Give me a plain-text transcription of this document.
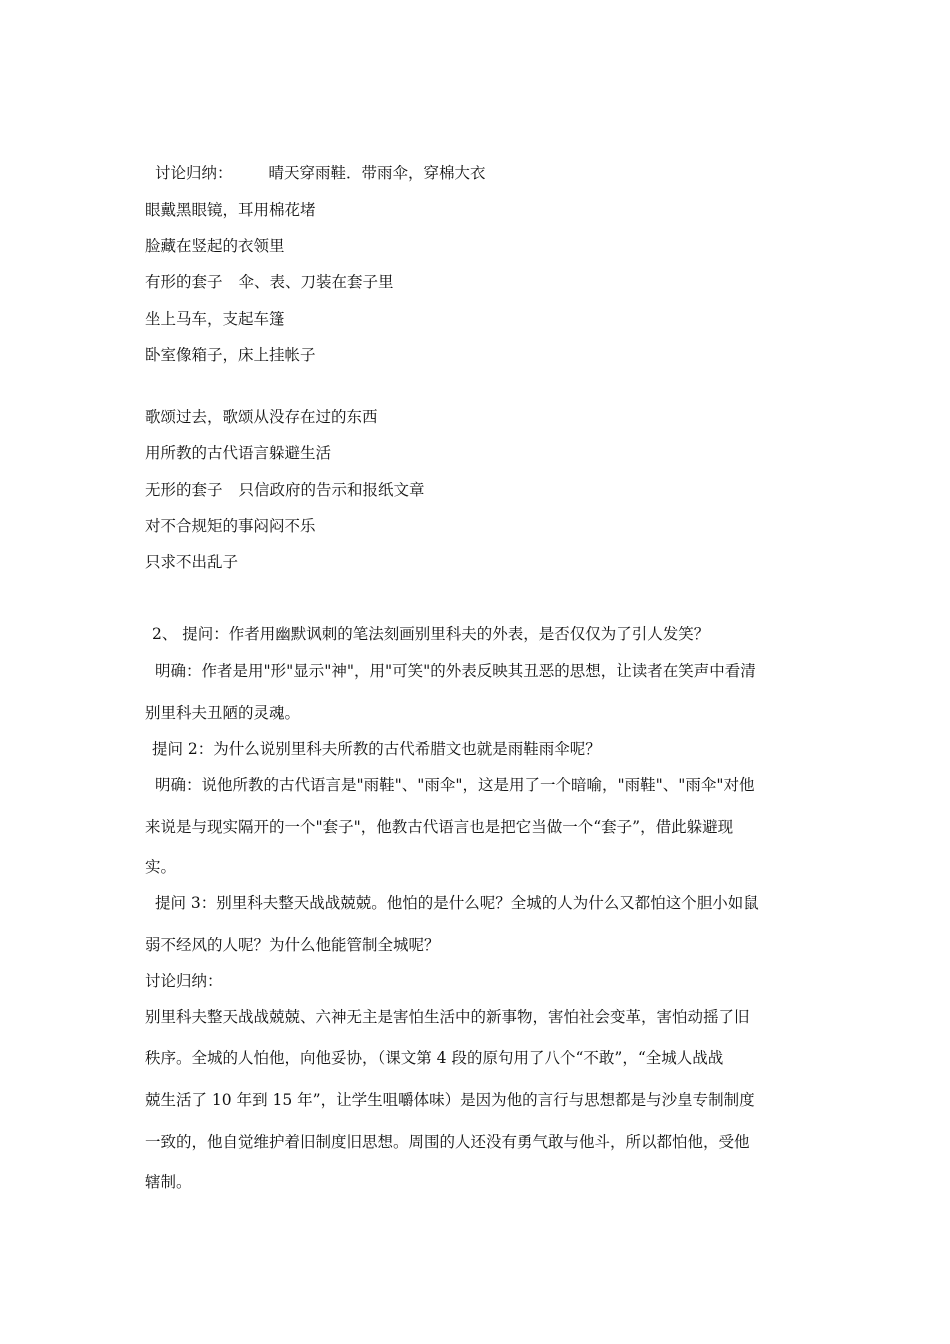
讨论归纳： 晴天穿雨鞋．带雨伞，穿棉大衣
眼戴黑眼镜，耳用棉花堵
脸藏在竖起的衣领里
有形的套子 伞、表、刀装在套子里
坐上马车，支起车篷
卧室像箱子，床上挂帐子
歌颂过去，歌颂从没存在过的东西
用所教的古代语言躲避生活
无形的套子 只信政府的告示和报纸文章
对不合规矩的事闷闷不乐
只求不出乱子
2、 提问：作者用幽默讽刺的笔法刻画别里科夫的外表，是否仅仅为了引人发笑？
明确：作者是用"形"显示"神"，用"可笑"的外表反映其丑恶的思想，让读者在笑声中看清
别里科夫丑陋的灵魂。
提问 2：为什么说别里科夫所教的古代希腊文也就是雨鞋雨伞呢？
明确：说他所教的古代语言是"雨鞋"、"雨伞"，这是用了一个暗喻，"雨鞋"、"雨伞"对他
来说是与现实隔开的一个"套子"，他教古代语言也是把它当做一个“套子”，借此躲避现
实。
提问 3：别里科夫整天战战兢兢。他怕的是什么呢？全城的人为什么又都怕这个胆小如鼠
弱不经风的人呢？为什么他能管制全城呢？
讨论归纳：
别里科夫整天战战兢兢、六神无主是害怕生活中的新事物，害怕社会变革，害怕动摇了旧
秩序。全城的人怕他，向他妥协，（课文第 4 段的原句用了八个“不敢”，“全城人战战
兢生活了 10 年到 15 年”，让学生咀嚼体味）是因为他的言行与思想都是与沙皇专制制度
一致的，他自觉维护着旧制度旧思想。周围的人还没有勇气敢与他斗，所以都怕他，受他
辖制。
